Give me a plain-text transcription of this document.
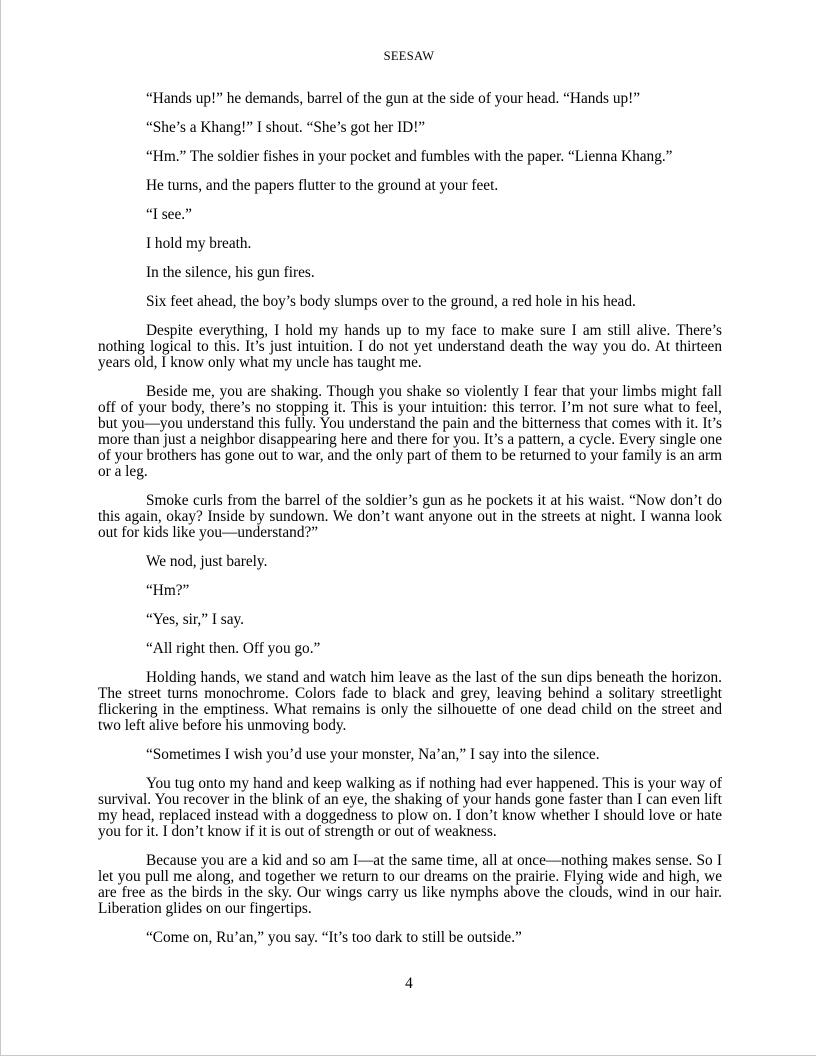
SEESAW

“Hands up!” he demands, barrel of the gun at the side of your head. “Hands up!”

“She’s a Khang!” I shout. “She’s got her ID!”

“Hm.” The soldier fishes in your pocket and fumbles with the paper. “Lienna Khang.”

He turns, and the papers flutter to the ground at your feet.

“I see.”

I hold my breath.

In the silence, his gun fires.

Six feet ahead, the boy’s body slumps over to the ground, a red hole in his head.

Despite everything, I hold my hands up to my face to make sure I am still alive. There’s nothing logical to this. It’s just intuition. I do not yet understand death the way you do. At thirteen years old, I know only what my uncle has taught me.

Beside me, you are shaking. Though you shake so violently I fear that your limbs might fall off of your body, there’s no stopping it. This is your intuition: this terror. I’m not sure what to feel, but you—you understand this fully. You understand the pain and the bitterness that comes with it. It’s more than just a neighbor disappearing here and there for you. It’s a pattern, a cycle. Every single one of your brothers has gone out to war, and the only part of them to be returned to your family is an arm or a leg.

Smoke curls from the barrel of the soldier’s gun as he pockets it at his waist. “Now don’t do this again, okay? Inside by sundown. We don’t want anyone out in the streets at night. I wanna look out for kids like you—understand?”

We nod, just barely.

“Hm?”

“Yes, sir,” I say.

“All right then. Off you go.”

Holding hands, we stand and watch him leave as the last of the sun dips beneath the horizon. The street turns monochrome. Colors fade to black and grey, leaving behind a solitary streetlight flickering in the emptiness. What remains is only the silhouette of one dead child on the street and two left alive before his unmoving body.

“Sometimes I wish you’d use your monster, Na’an,” I say into the silence.

You tug onto my hand and keep walking as if nothing had ever happened. This is your way of survival. You recover in the blink of an eye, the shaking of your hands gone faster than I can even lift my head, replaced instead with a doggedness to plow on. I don’t know whether I should love or hate you for it. I don’t know if it is out of strength or out of weakness.

Because you are a kid and so am I—at the same time, all at once—nothing makes sense. So I let you pull me along, and together we return to our dreams on the prairie. Flying wide and high, we are free as the birds in the sky. Our wings carry us like nymphs above the clouds, wind in our hair. Liberation glides on our fingertips.

“Come on, Ru’an,” you say. “It’s too dark to still be outside.”

4
